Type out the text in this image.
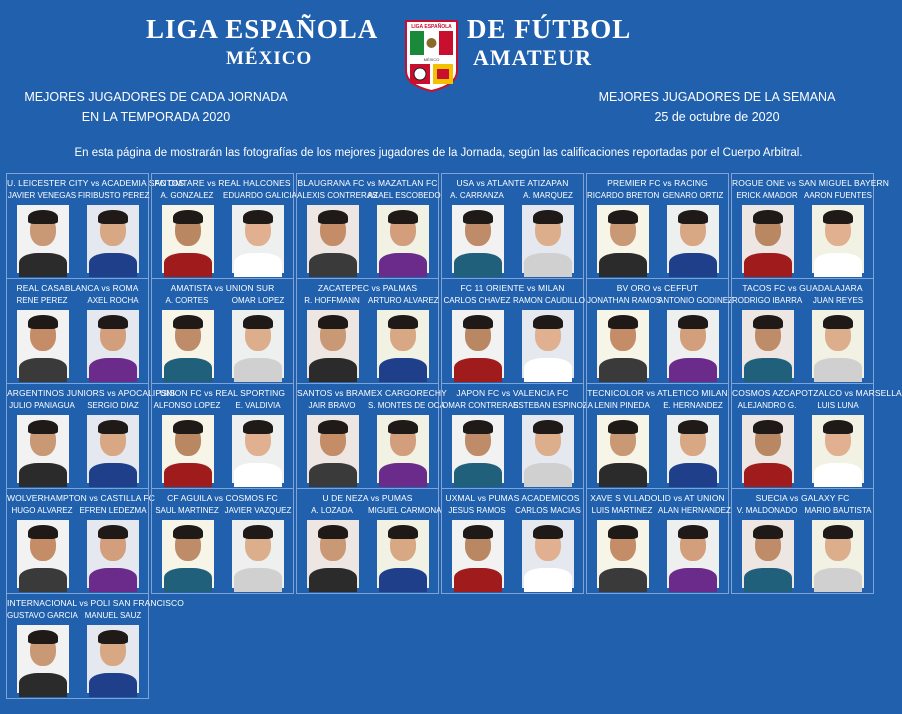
LIGA ESPAÑOLA
MÉXICO
LIGA ESPAÑOLA
MÉXICO
DE FÚTBOL
AMATEUR
MEJORES JUGADORES DE CADA JORNADA
EN LA TEMPORADA 2020
MEJORES JUGADORES DE LA SEMANA
25 de octubre de 2020
En esta página de mostrarán las fotografías de los mejores jugadores de la Jornada, según las calificaciones reportadas por el Cuerpo Arbitral.
U. LEICESTER CITY vs ACADEMIA SANTOS
JAVIER VENEGAS FIRIBUSTO PEREZ
FC OMTARE vs REAL HALCONES
A. GONZALEZ	EDUARDO GALICIA
BLAUGRANA FC vs MAZATLAN FC
ALEXIS CONTRERAS
AZAEL ESCOBEDO
USA vs ATLANTE ATIZAPAN
A. CARRANZA	A. MARQUEZ
PREMIER FC vs RACING
RICARDO BRETON GENARO ORTIZ
ROGUE ONE vs SAN MIGUEL BAYERN
ERICK AMADOR AARON FUENTES
REAL CASABLANCA vs ROMA
RENE PEREZ	AXEL ROCHA
AMATISTA vs UNION SUR
A. CORTES	OMAR LOPEZ
ZACATEPEC vs PALMAS
R. HOFFMANN	ARTURO ALVAREZ
FC 11 ORIENTE vs MILAN
CARLOS CHAVEZ RAMON CAUDILLO
BV ORO vs CEFFUT
JONATHAN RAMOS
ANTONIO GODINEZ
TACOS FC vs GUADALAJARA
RODRIGO IBARRA	JUAN REYES
ARGENTINOS JUNIORS vs APOCALIPSIS
JULIO PANIAGUA	SERGIO DIAZ
UNION FC vs REAL SPORTING
ALFONSO LOPEZ	E. VALDIVIA
SANTOS vs BRAMEX CARGORECHY
JAIR BRAVO	S. MONTES DE OCA
JAPON FC vs VALENCIA FC
OMAR CONTRERAS
ESTEBAN ESPINOZA
TECNICOLOR vs ATLETICO MILAN
LENIN PINEDA	E. HERNANDEZ
COSMOS AZCAPOTZALCO vs MARSELLA
ALEJANDRO G.	LUIS LUNA
WOLVERHAMPTON vs CASTILLA FC
HUGO ALVAREZ EFREN LEDEZMA
CF AGUILA vs COSMOS FC
SAUL MARTINEZ JAVIER VAZQUEZ
U DE NEZA vs PUMAS
A. LOZADA	MIGUEL CARMONA
UXMAL vs PUMAS ACADEMICOS
JESUS RAMOS	CARLOS MACIAS
XAVE S VLLADOLID vs AT UNION
LUIS MARTINEZ ALAN HERNANDEZ
SUECIA vs GALAXY FC
V. MALDONADO MARIO BAUTISTA
INTERNACIONAL vs POLI SAN FRANCISCO
GUSTAVO GARCIA MANUEL SAUZ
